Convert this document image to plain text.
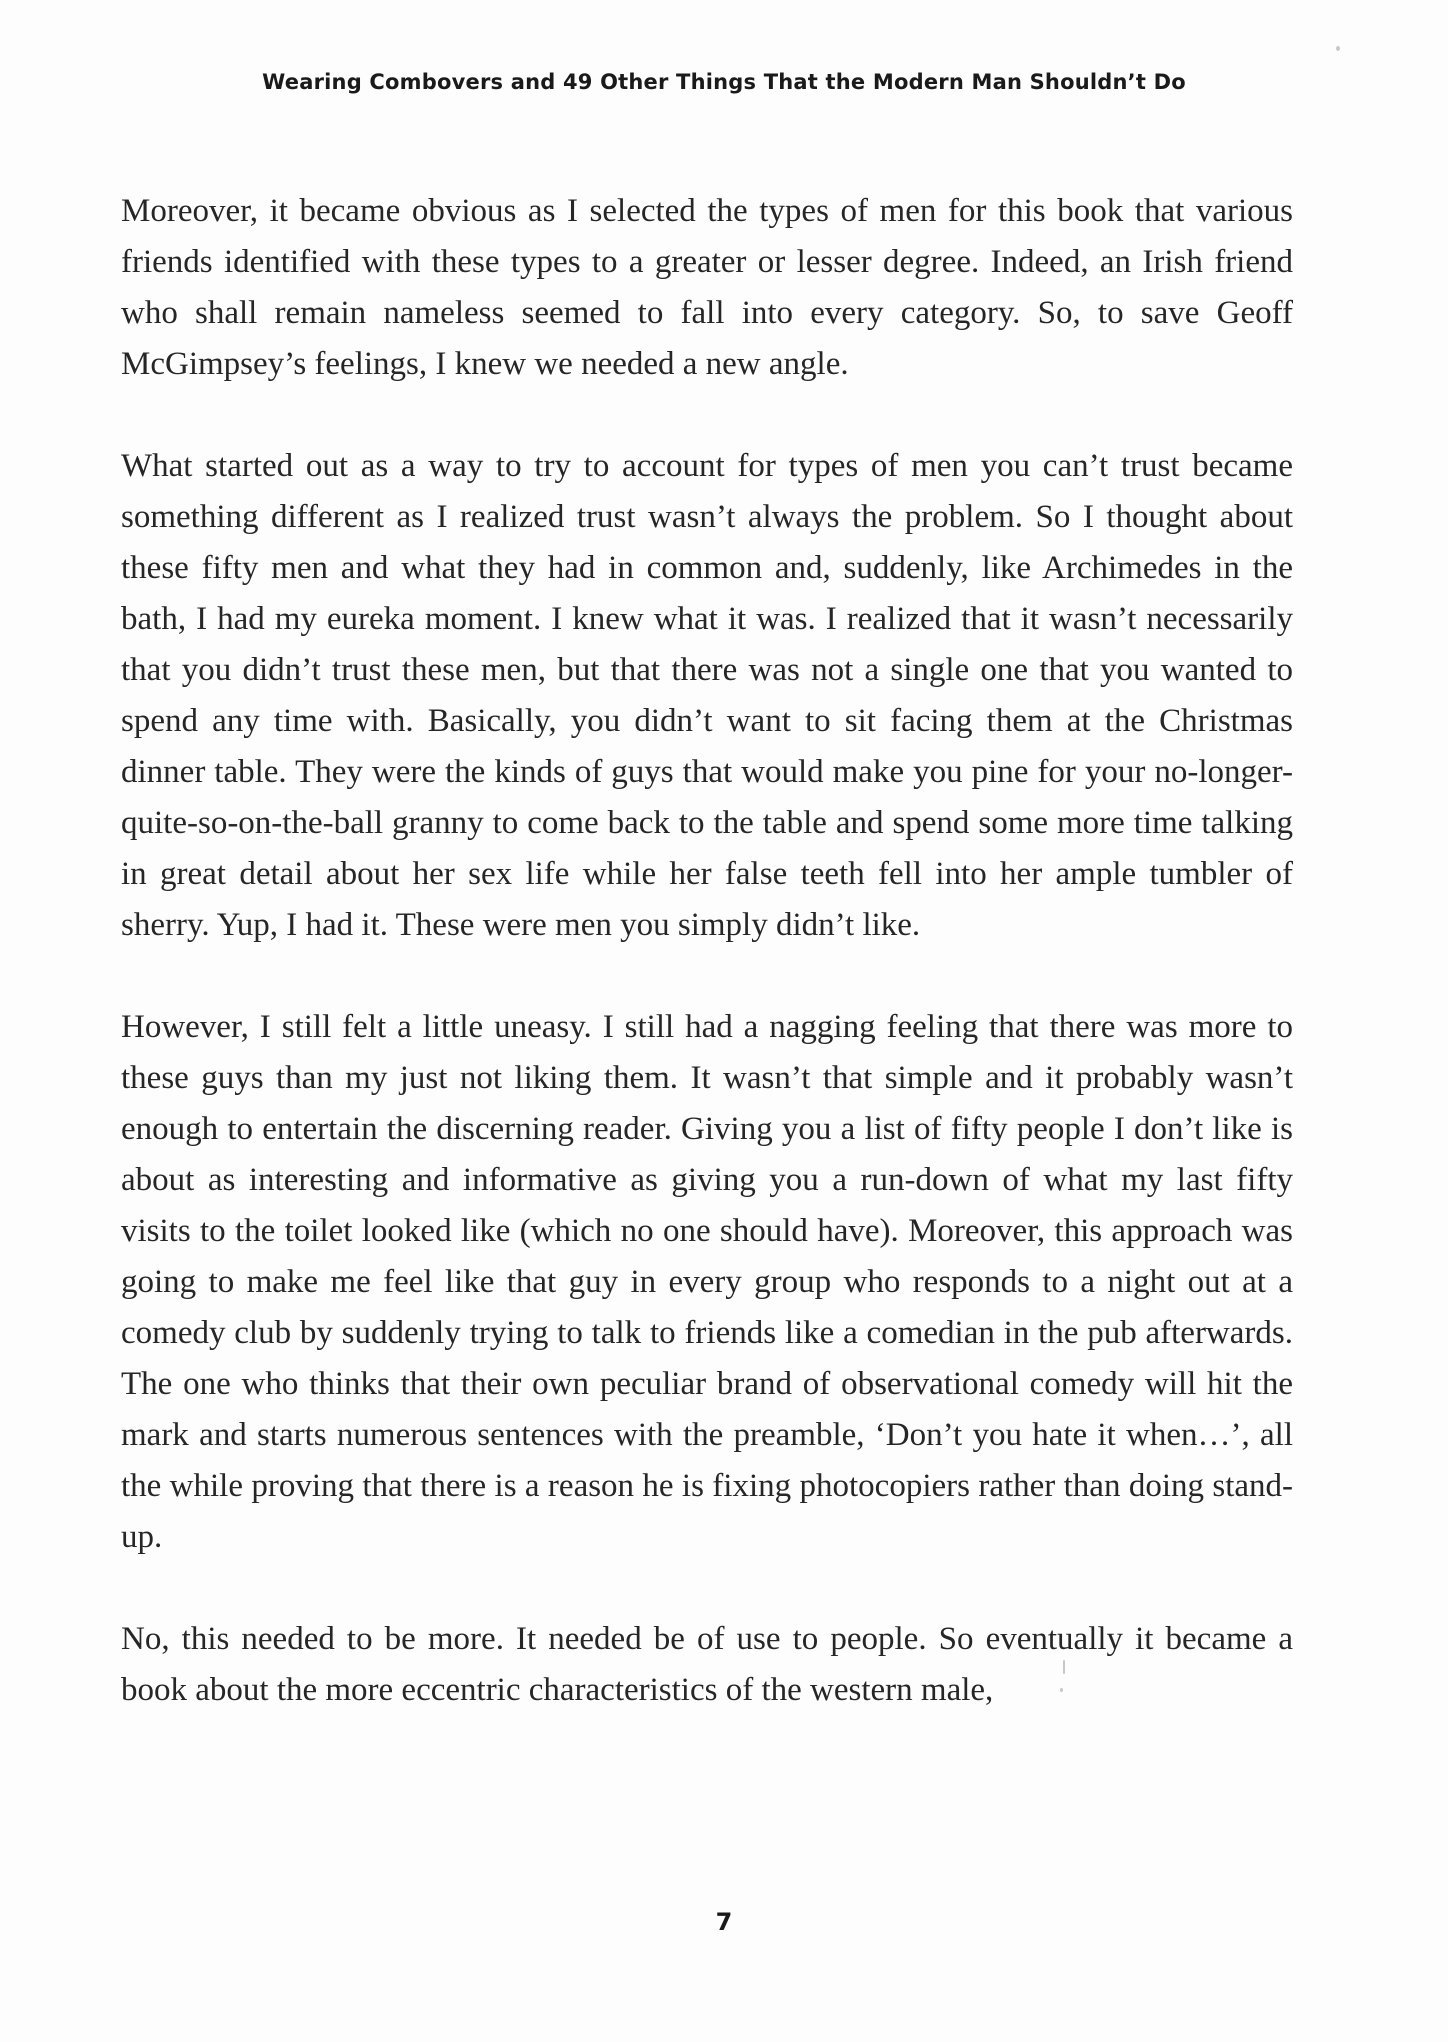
Wearing Combovers and 49 Other Things That the Modern Man Shouldn’t Do

Moreover, it became obvious as I selected the types of men for this book that various friends identified with these types to a greater or lesser degree. Indeed, an Irish friend who shall remain nameless seemed to fall into every category. So, to save Geoff McGimpsey’s feelings, I knew we needed a new angle.

What started out as a way to try to account for types of men you can’t trust became something different as I realized trust wasn’t always the problem. So I thought about these fifty men and what they had in common and, suddenly, like Archimedes in the bath, I had my eureka moment. I knew what it was. I realized that it wasn’t necessarily that you didn’t trust these men, but that there was not a single one that you wanted to spend any time with. Basically, you didn’t want to sit facing them at the Christmas dinner table. They were the kinds of guys that would make you pine for your no-longer-quite-so-on-the-ball granny to come back to the table and spend some more time talking in great detail about her sex life while her false teeth fell into her ample tumbler of sherry. Yup, I had it. These were men you simply didn’t like.

However, I still felt a little uneasy. I still had a nagging feeling that there was more to these guys than my just not liking them. It wasn’t that simple and it probably wasn’t enough to entertain the discerning reader. Giving you a list of fifty people I don’t like is about as interesting and informative as giving you a run-down of what my last fifty visits to the toilet looked like (which no one should have). Moreover, this approach was going to make me feel like that guy in every group who responds to a night out at a comedy club by suddenly trying to talk to friends like a comedian in the pub afterwards. The one who thinks that their own peculiar brand of observational comedy will hit the mark and starts numerous sentences with the preamble, ‘Don’t you hate it when…’, all the while proving that there is a reason he is fixing photocopiers rather than doing stand-up.

No, this needed to be more. It needed be of use to people. So eventually it became a book about the more eccentric characteristics of the western male,

7
